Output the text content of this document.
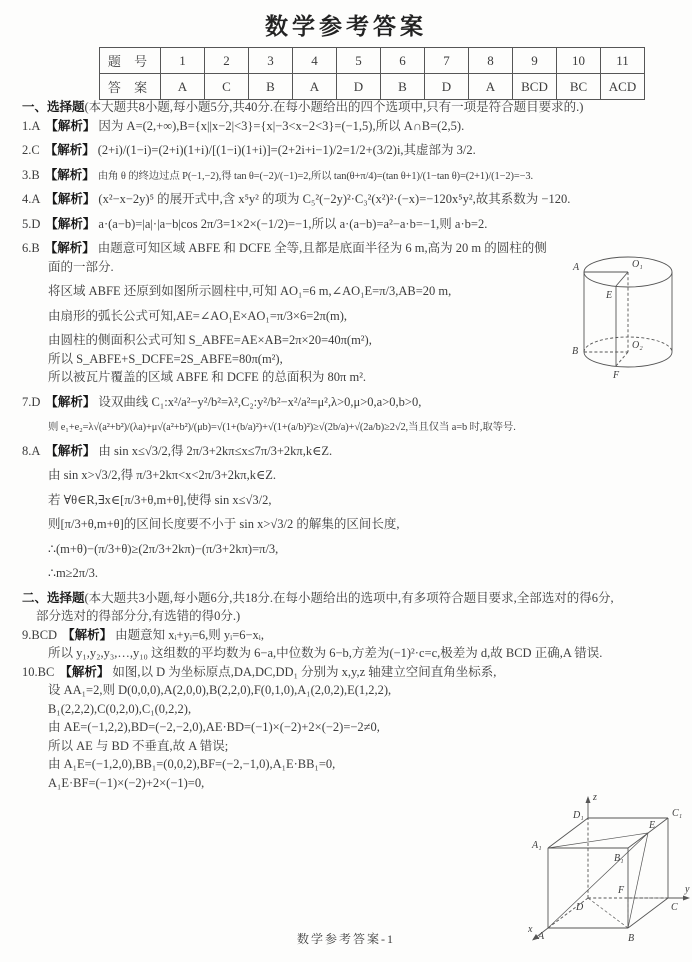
数学参考答案
题 号	1	2	3	4	5	6	7	8	9	10	11
答 案	A	C	B	A	D	B	D	A	BCD	BC	ACD
一、选择题(本大题共8小题,每小题5分,共40分.在每小题给出的四个选项中,只有一项是符合题目要求的.)
1.A 【解析】 因为 A=(2,+∞),B={x||x−2|<3}={x|−3<x−2<3}=(−1,5),所以 A∩B=(2,5).
2.C 【解析】 (2+i)/(1−i)=(2+i)(1+i)/[(1−i)(1+i)]=(2+2i+i−1)/2=1/2+(3/2)i,其虚部为 3/2.
3.B 【解析】 由角 θ 的终边过点 P(−1,−2),得 tan θ=(−2)/(−1)=2,所以 tan(θ+π/4)=(tan θ+1)/(1−tan θ)=(2+1)/(1−2)=−3.
4.A 【解析】 (x²−x−2y)⁵ 的展开式中,含 x⁵y² 的项为 C₅²(−2y)²·C₃²(x²)²·(−x)=−120x⁵y²,故其系数为 −120.
5.D 【解析】 a·(a−b)=|a|·|a−b|cos 2π/3=1×2×(−1/2)=−1,所以 a·(a−b)=a²−a·b=−1,则 a·b=2.
6.B 【解析】 由题意可知区域 ABFE 和 DCFE 全等,且都是底面半径为 6 m,高为 20 m 的圆柱的侧
面的一部分.
将区域 ABFE 还原到如图所示圆柱中,可知 AO₁=6 m,∠AO₁E=π/3,AB=20 m,
由扇形的弧长公式可知,AE=∠AO₁E×AO₁=π/3×6=2π(m),
由圆柱的侧面积公式可知 S_ABFE=AE×AB=2π×20=40π(m²),
所以 S_ABFE+S_DCFE=2S_ABFE=80π(m²),
所以被瓦片覆盖的区域 ABFE 和 DCFE 的总面积为 80π m².
7.D 【解析】 设双曲线 C₁:x²/a²−y²/b²=λ²,C₂:y²/b²−x²/a²=μ²,λ>0,μ>0,a>0,b>0,
则 e₁+e₂=λ√(a²+b²)/(λa)+μ√(a²+b²)/(μb)=√(1+(b/a)²)+√(1+(a/b)²)≥√(2b/a)+√(2a/b)≥2√2,当且仅当 a=b 时,取等号.
8.A 【解析】 由 sin x≤√3/2,得 2π/3+2kπ≤x≤7π/3+2kπ,k∈Z.
由 sin x>√3/2,得 π/3+2kπ<x<2π/3+2kπ,k∈Z.
若 ∀θ∈R,∃x∈[π/3+θ,m+θ],使得 sin x≤√3/2,
则[π/3+θ,m+θ]的区间长度要不小于 sin x>√3/2 的解集的区间长度,
∴(m+θ)−(π/3+θ)≥(2π/3+2kπ)−(π/3+2kπ)=π/3,
∴m≥2π/3.
二、选择题(本大题共3小题,每小题6分,共18分.在每小题给出的选项中,有多项符合题目要求,全部选对的得6分,
部分选对的得部分分,有选错的得0分.)
9.BCD 【解析】 由题意知 xᵢ+yᵢ=6,则 yᵢ=6−xᵢ,
所以 y₁,y₂,y₃,…,y₁₀ 这组数的平均数为 6−a,中位数为 6−b,方差为(−1)²·c=c,极差为 d,故 BCD 正确,A 错误.
10.BC 【解析】 如图,以 D 为坐标原点,DA,DC,DD₁ 分别为 x,y,z 轴建立空间直角坐标系,
设 AA₁=2,则 D(0,0,0),A(2,0,0),B(2,2,0),F(0,1,0),A₁(2,0,2),E(1,2,2),
B₁(2,2,2),C(0,2,0),C₁(0,2,2),
由 AE=(−1,2,2),BD=(−2,−2,0),AE·BD=(−1)×(−2)+2×(−2)=−2≠0,
所以 AE 与 BD 不垂直,故 A 错误;
由 A₁E=(−1,2,0),BB₁=(0,0,2),BF=(−2,−1,0),A₁E·BB₁=0,
A₁E·BF=(−1)×(−2)+2×(−1)=0,
A	O₁
E
B
O₂
F
D₁	C₁
E
A₁
B₁
D
F
C
A	B
z
y
x
数学参考答案-1
